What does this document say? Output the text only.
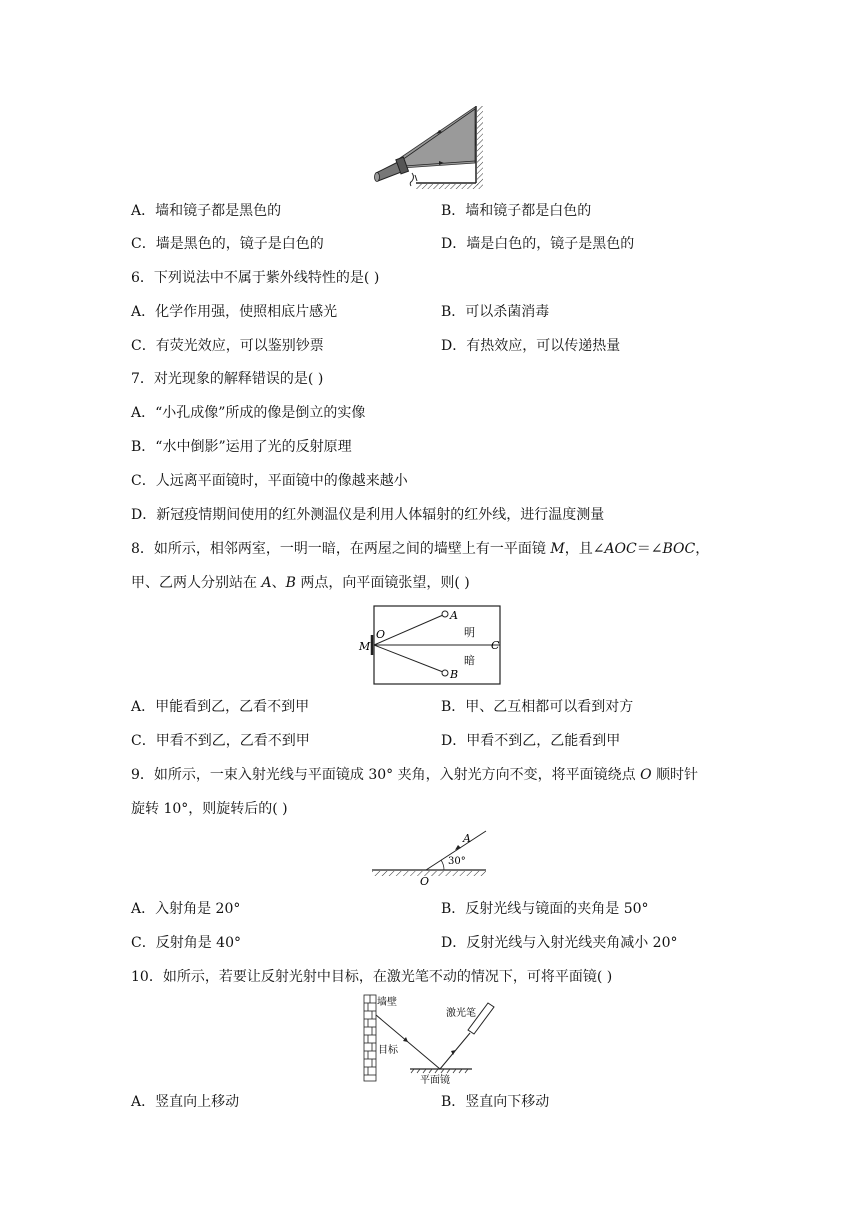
A．墙和镜子都是黑色的	B．墙和镜子都是白色的
C．墙是黑色的，镜子是白色的	D．墙是白色的，镜子是黑色的
6．下列说法中不属于紫外线特性的是( )
A．化学作用强，使照相底片感光	B．可以杀菌消毒
C．有荧光效应，可以鉴别钞票	D．有热效应，可以传递热量
7．对光现象的解释错误的是( )
A．“小孔成像”所成的像是倒立的实像
B．“水中倒影”运用了光的反射原理
C．人远离平面镜时，平面镜中的像越来越小
D．新冠疫情期间使用的红外测温仪是利用人体辐射的红外线，进行温度测量
8．如所示，相邻两室，一明一暗，在两屋之间的墙壁上有一平面镜 M，且∠AOC＝∠BOC，
甲、乙两人分别站在 A、B 两点，向平面镜张望，则( )
A
B
O
M	C
明
暗
A．甲能看到乙，乙看不到甲	B．甲、乙互相都可以看到对方
C．甲看不到乙，乙看不到甲	D．甲看不到乙，乙能看到甲
9．如所示，一束入射光线与平面镜成 30° 夹角，入射光方向不变，将平面镜绕点 O 顺时针
旋转 10°，则旋转后的( )
A
O
30°
A．入射角是 20°	B．反射光线与镜面的夹角是 50°
C．反射角是 40°	D．反射光线与入射光线夹角减小 20°
10．如所示，若要让反射光射中目标，在激光笔不动的情况下，可将平面镜( )
墙壁
激光笔
目标
平面镜
A．竖直向上移动	B．竖直向下移动
